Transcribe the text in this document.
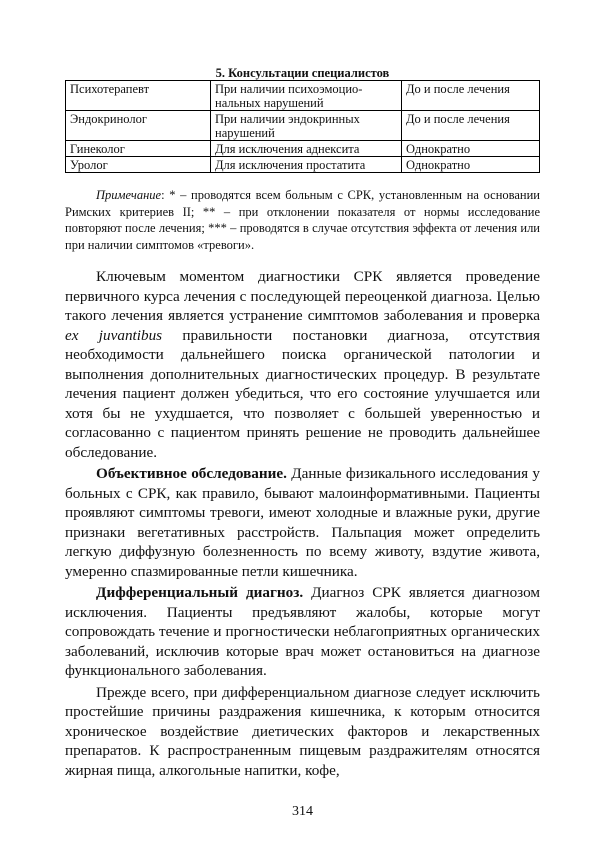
5. Консультации специалистов
Психотерапевт	При наличии психоэмоцио-нальных нарушений	До и после лечения
Эндокринолог	При наличии эндокринных нарушений	До и после лечения
Гинеколог	Для исключения аднексита	Однократно
Уролог	Для исключения простатита	Однократно
Примечание: * – проводятся всем больным с СРК, установленным на основании Римских критериев II; ** – при отклонении показателя от нормы исследование повторяют после лечения; *** – проводятся в случае отсутствия эффекта от лечения или при наличии симптомов «тревоги».

Ключевым моментом диагностики СРК является проведение первичного курса лечения с последующей переоценкой диагноза. Целью такого лечения является устранение симптомов заболевания и проверка ex juvantibus правильности постановки диагноза, отсутствия необходимости дальнейшего поиска органической патологии и выполнения дополнительных диагностических процедур. В результате лечения пациент должен убедиться, что его состояние улучшается или хотя бы не ухудшается, что позволяет с большей уверенностью и согласованно с пациентом принять решение не проводить дальнейшее обследование.

Объективное обследование. Данные физикального исследования у больных с СРК, как правило, бывают малоинформативными. Пациенты проявляют симптомы тревоги, имеют холодные и влажные руки, другие признаки вегетативных расстройств. Пальпация может определить легкую диффузную болезненность по всему животу, вздутие живота, умеренно спазмированные петли кишечника.

Дифференциальный диагноз. Диагноз СРК является диагнозом исключения. Пациенты предъявляют жалобы, которые могут сопровождать течение и прогностически неблагоприятных органических заболеваний, исключив которые врач может остановиться на диагнозе функционального заболевания.

Прежде всего, при дифференциальном диагнозе следует исключить простейшие причины раздражения кишечника, к которым относится хроническое воздействие диетических факторов и лекарственных препаратов. К распространенным пищевым раздражителям относятся жирная пища, алкогольные напитки, кофе,

314
